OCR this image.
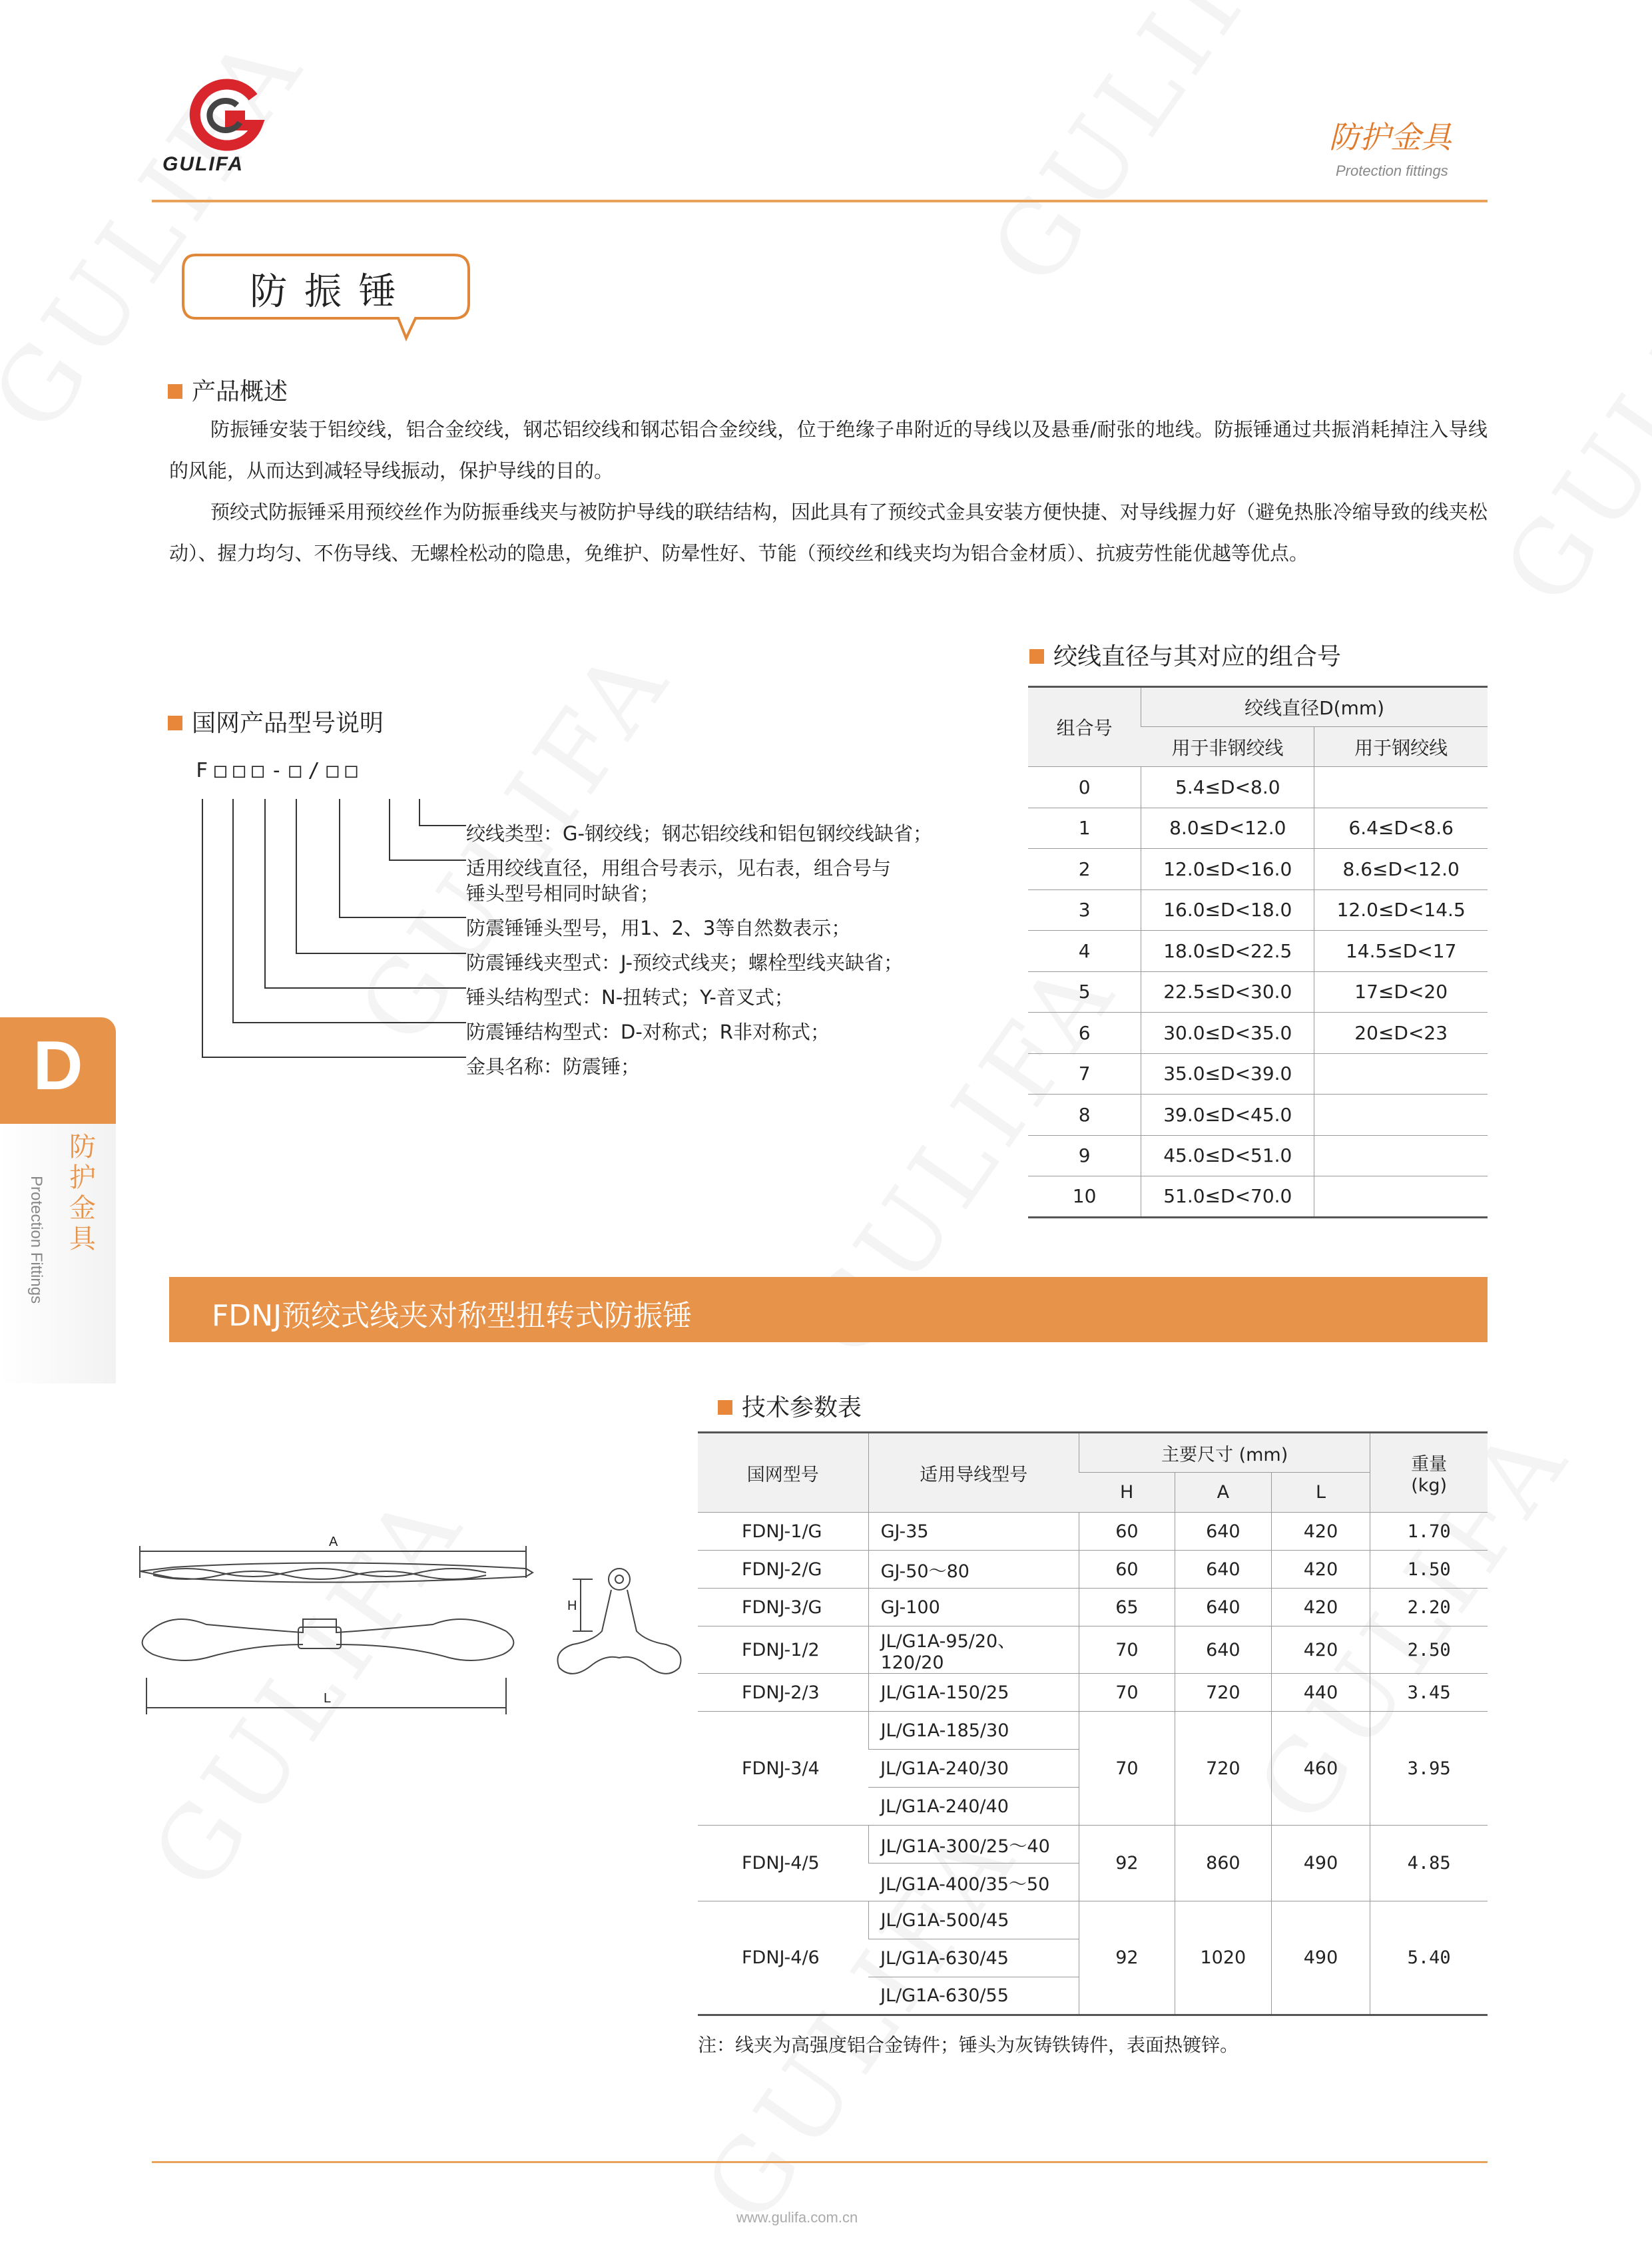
GULIFA
防护金具
Protection fittings
防 振 锤
产品概述
防振锤安装于铝绞线，铝合金绞线，钢芯铝绞线和钢芯铝合金绞线，位于绝缘子串附近的导线以及悬垂/耐张的地线。防振锤通过共振消耗掉注入导线的风能，从而达到减轻导线振动，保护导线的目的。
预绞式防振锤采用预绞丝作为防振垂线夹与被防护导线的联结结构，因此具有了预绞式金具安装方便快捷、对导线握力好（避免热胀冷缩导致的线夹松动）、握力均匀、不伤导线、无螺栓松动的隐患，免维护、防晕性好、节能（预绞丝和线夹均为铝合金材质）、抗疲劳性能优越等优点。
国网产品型号说明
F□□□-□/□□
绞线类型：G-钢绞线；钢芯铝绞线和铝包钢绞线缺省；
适用绞线直径，用组合号表示，见右表，组合号与
锤头型号相同时缺省；
防震锤锤头型号，用1、2、3等自然数表示；
防震锤线夹型式：J-预绞式线夹；螺栓型线夹缺省；
锤头结构型式：N-扭转式；Y-音叉式；
防震锤结构型式：D-对称式；R非对称式；
金具名称：防震锤；
绞线直径与其对应的组合号
组合号	绞线直径D(mm)	
	用于非钢绞线	用于钢绞线
0	5.4≤D<8.0	
1	8.0≤D<12.0	6.4≤D<8.6
2	12.0≤D<16.0	8.6≤D<12.0
3	16.0≤D<18.0	12.0≤D<14.5
4	18.0≤D<22.5	14.5≤D<17
5	22.5≤D<30.0	17≤D<20
6	30.0≤D<35.0	20≤D<23
7	35.0≤D<39.0	
8	39.0≤D<45.0	
9	45.0≤D<51.0	
10	51.0≤D<70.0	
D
防护金具
Protection Fittings
FDNJ预绞式线夹对称型扭转式防振锤
A
L
H
技术参数表
国网型号	适用导线型号	主要尺寸 (mm)			重量
(kg)
		H	A	L	
FDNJ-1/G	GJ-35	60	640	420	1.70
FDNJ-2/G	GJ-50～80	60	640	420	1.50
FDNJ-3/G	GJ-100	65	640	420	2.20
FDNJ-1/2	JL/G1A-95/20、120/20	70	640	420	2.50
FDNJ-2/3	JL/G1A-150/25	70	720	440	3.45
FDNJ-3/4	JL/G1A-185/30	70	720	460	3.95
	JL/G1A-240/30				
	JL/G1A-240/40				
FDNJ-4/5	JL/G1A-300/25～40	92	860	490	4.85
	JL/G1A-400/35～50				
FDNJ-4/6	JL/G1A-500/45	92	1020	490	5.40
	JL/G1A-630/45				
	JL/G1A-630/55				
注：线夹为高强度铝合金铸件；锤头为灰铸铁铸件，表面热镀锌。
www.gulifa.com.cn
